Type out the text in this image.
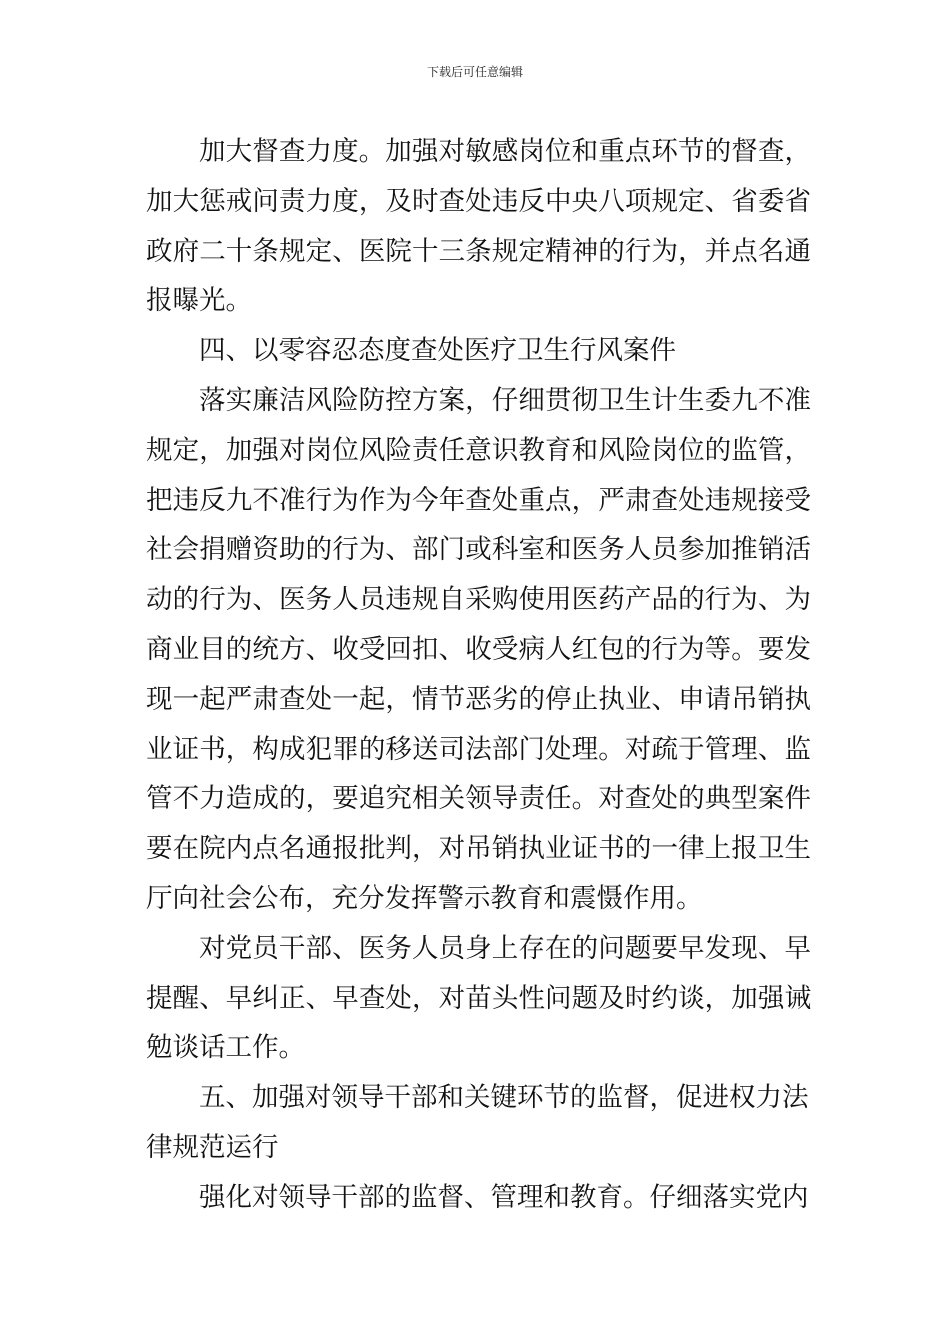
下载后可任意编辑

加大督查力度。加强对敏感岗位和重点环节的督查，加大惩戒问责力度，及时查处违反中央八项规定、省委省政府二十条规定、医院十三条规定精神的行为，并点名通报曝光。

四、以零容忍态度查处医疗卫生行风案件

落实廉洁风险防控方案，仔细贯彻卫生计生委九不准规定，加强对岗位风险责任意识教育和风险岗位的监管，把违反九不准行为作为今年查处重点，严肃查处违规接受社会捐赠资助的行为、部门或科室和医务人员参加推销活动的行为、医务人员违规自采购使用医药产品的行为、为商业目的统方、收受回扣、收受病人红包的行为等。要发现一起严肃查处一起，情节恶劣的停止执业、申请吊销执业证书，构成犯罪的移送司法部门处理。对疏于管理、监管不力造成的，要追究相关领导责任。对查处的典型案件要在院内点名通报批判，对吊销执业证书的一律上报卫生厅向社会公布，充分发挥警示教育和震慑作用。

对党员干部、医务人员身上存在的问题要早发现、早提醒、早纠正、早查处，对苗头性问题及时约谈，加强诫勉谈话工作。

五、加强对领导干部和关键环节的监督，促进权力法律规范运行

强化对领导干部的监督、管理和教育。仔细落实党内
